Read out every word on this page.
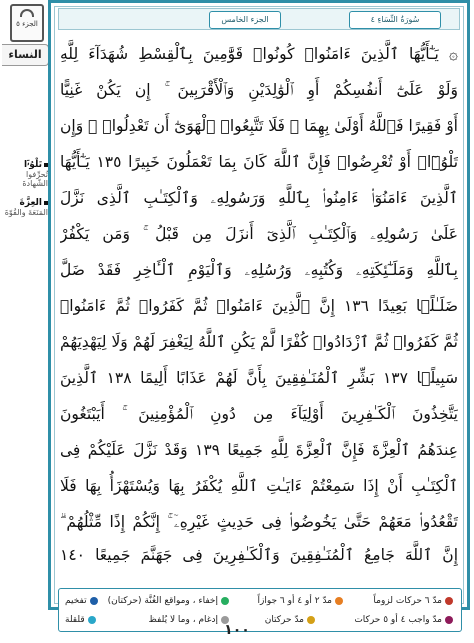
الجزء ٥
النساء
تَلْوُۥٓا
تُحرِّفوا الشّهادةَ
العِزَّةَ
المَنَعَةَ والقُوّةَ
الجزء الخامس	سُورَةُ النِّسَاءِ ٤
۞ يَـٰٓأَيُّهَا ٱلَّذِينَ ءَامَنُوا۟ كُونُوا۟ قَوَّٰمِينَ بِٱلْقِسْطِ شُهَدَآءَ لِلَّهِ
وَلَوْ عَلَىٰٓ أَنفُسِكُمْ أَوِ ٱلْوَٰلِدَيْنِ وَٱلْأَقْرَبِينَ ۚ إِن يَكُنْ غَنِيًّا
أَوْ فَقِيرًا فَٱللَّهُ أَوْلَىٰ بِهِمَا ۖ فَلَا تَتَّبِعُوا۟ ٱلْهَوَىٰٓ أَن تَعْدِلُوا۟ ۚ وَإِن
تَلْوُۥٓا۟ أَوْ تُعْرِضُوا۟ فَإِنَّ ٱللَّهَ كَانَ بِمَا تَعْمَلُونَ خَبِيرًا ١٣٥ يَـٰٓأَيُّهَا
ٱلَّذِينَ ءَامَنُوٓا۟ ءَامِنُوا۟ بِٱللَّهِ وَرَسُولِهِۦ وَٱلْكِتَـٰبِ ٱلَّذِى نَزَّلَ
عَلَىٰ رَسُولِهِۦ وَٱلْكِتَـٰبِ ٱلَّذِىٓ أَنزَلَ مِن قَبْلُ ۚ وَمَن يَكْفُرْ
بِٱللَّهِ وَمَلَـٰٓئِكَتِهِۦ وَكُتُبِهِۦ وَرُسُلِهِۦ وَٱلْيَوْمِ ٱلْـَٔاخِرِ فَقَدْ ضَلَّ
ضَلَـٰلًۢا بَعِيدًا ١٣٦ إِنَّ ٱلَّذِينَ ءَامَنُوا۟ ثُمَّ كَفَرُوا۟ ثُمَّ ءَامَنُوا۟
ثُمَّ كَفَرُوا۟ ثُمَّ ٱزْدَادُوا۟ كُفْرًا لَّمْ يَكُنِ ٱللَّهُ لِيَغْفِرَ لَهُمْ وَلَا لِيَهْدِيَهُمْ
سَبِيلًۢا ١٣٧ بَشِّرِ ٱلْمُنَـٰفِقِينَ بِأَنَّ لَهُمْ عَذَابًا أَلِيمًا ١٣٨ ٱلَّذِينَ
يَتَّخِذُونَ ٱلْكَـٰفِرِينَ أَوْلِيَآءَ مِن دُونِ ٱلْمُؤْمِنِينَ ۚ أَيَبْتَغُونَ
عِندَهُمُ ٱلْعِزَّةَ فَإِنَّ ٱلْعِزَّةَ لِلَّهِ جَمِيعًا ١٣٩ وَقَدْ نَزَّلَ عَلَيْكُمْ فِى
ٱلْكِتَـٰبِ أَنْ إِذَا سَمِعْتُمْ ءَايَـٰتِ ٱللَّهِ يُكْفَرُ بِهَا وَيُسْتَهْزَأُ بِهَا فَلَا
تَقْعُدُوا۟ مَعَهُمْ حَتَّىٰ يَخُوضُوا۟ فِى حَدِيثٍ غَيْرِهِۦٓ ۚ إِنَّكُمْ إِذًا مِّثْلُهُمْ ۗ
إِنَّ ٱللَّهَ جَامِعُ ٱلْمُنَـٰفِقِينَ وَٱلْكَـٰفِرِينَ فِى جَهَنَّمَ جَمِيعًا ١٤٠
مدّ ٦ حركات لزوماً
مدّ ٢ أو ٤ أو ٦ جوازاً
إخفاء ، ومواقع الغُنَّة (حركتان)
تفخيم
مدّ واجب ٤ أو ٥ حركات
مدّ حركتان
إدغام ، وما لا يُلفظ
قلقلة
١٠٠
